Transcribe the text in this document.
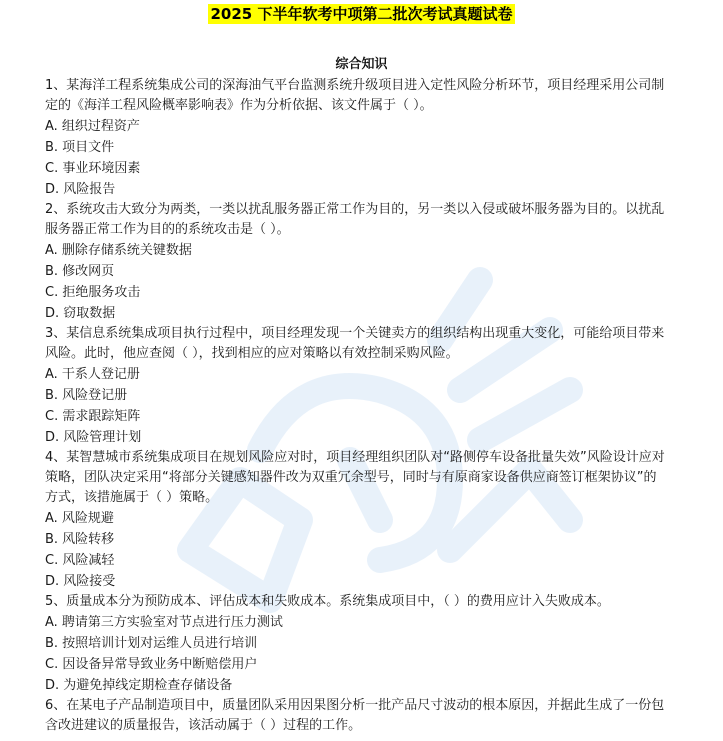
2025 下半年软考中项第二批次考试真题试卷
综合知识

1、某海洋工程系统集成公司的深海油气平台监测系统升级项目进入定性风险分析环节，项目经理采用公司制定的《海洋工程风险概率影响表》作为分析依据、该文件属于（ ）。

A. 组织过程资产

B. 项目文件

C. 事业环境因素

D. 风险报告

2、系统攻击大致分为两类，一类以扰乱服务器正常工作为目的，另一类以入侵或破坏服务器为目的。以扰乱服务器正常工作为目的的系统攻击是（ ）。

A. 删除存储系统关键数据

B. 修改网页

C. 拒绝服务攻击

D. 窃取数据

3、某信息系统集成项目执行过程中，项目经理发现一个关键卖方的组织结构出现重大变化，可能给项目带来风险。此时，他应查阅（ ），找到相应的应对策略以有效控制采购风险。

A. 干系人登记册

B. 风险登记册

C. 需求跟踪矩阵

D. 风险管理计划

4、某智慧城市系统集成项目在规划风险应对时，项目经理组织团队对“路侧停车设备批量失效”风险设计应对策略，团队决定采用“将部分关键感知器件改为双重冗余型号，同时与有原商家设备供应商签订框架协议”的方式，该措施属于（ ）策略。

A. 风险规避

B. 风险转移

C. 风险减轻

D. 风险接受

5、质量成本分为预防成本、评估成本和失败成本。系统集成项目中，（ ）的费用应计入失败成本。

A. 聘请第三方实验室对节点进行压力测试

B. 按照培训计划对运维人员进行培训

C. 因设备异常导致业务中断赔偿用户

D. 为避免掉线定期检查存储设备

6、在某电子产品制造项目中，质量团队采用因果图分析一批产品尺寸波动的根本原因，并据此生成了一份包含改进建议的质量报告，该活动属于（ ）过程的工作。
